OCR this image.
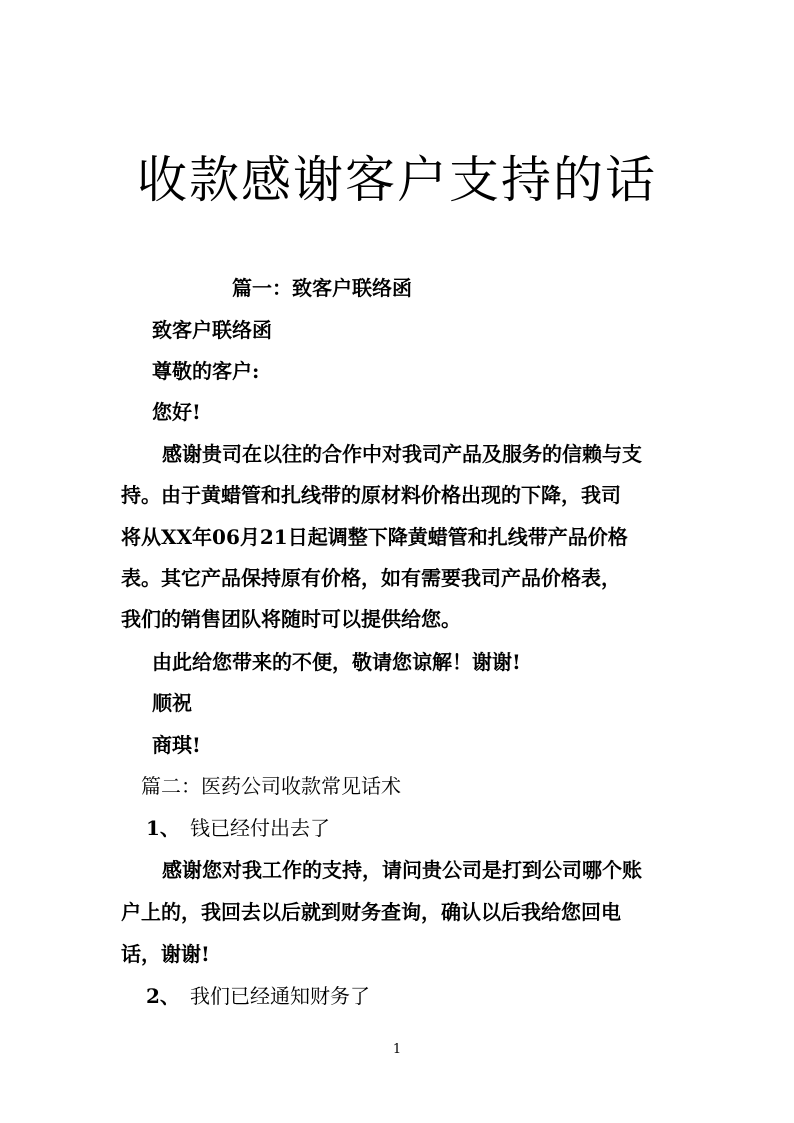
收款感谢客户支持的话
篇一：致客户联络函
致客户联络函
尊敬的客户:
您好!
感谢贵司在以往的合作中对我司产品及服务的信赖与支
持。由于黄蜡管和扎线带的原材料价格出现的下降，我司
将从XX年06月21日起调整下降黄蜡管和扎线带产品价格
表。其它产品保持原有价格，如有需要我司产品价格表，
我们的销售团队将随时可以提供给您。
由此给您带来的不便，敬请您谅解！谢谢!
顺祝
商琪!
篇二：医药公司收款常见话术
1、 钱已经付出去了
感谢您对我工作的支持，请问贵公司是打到公司哪个账
户上的，我回去以后就到财务查询，确认以后我给您回电
话，谢谢!
2、 我们已经通知财务了
1
